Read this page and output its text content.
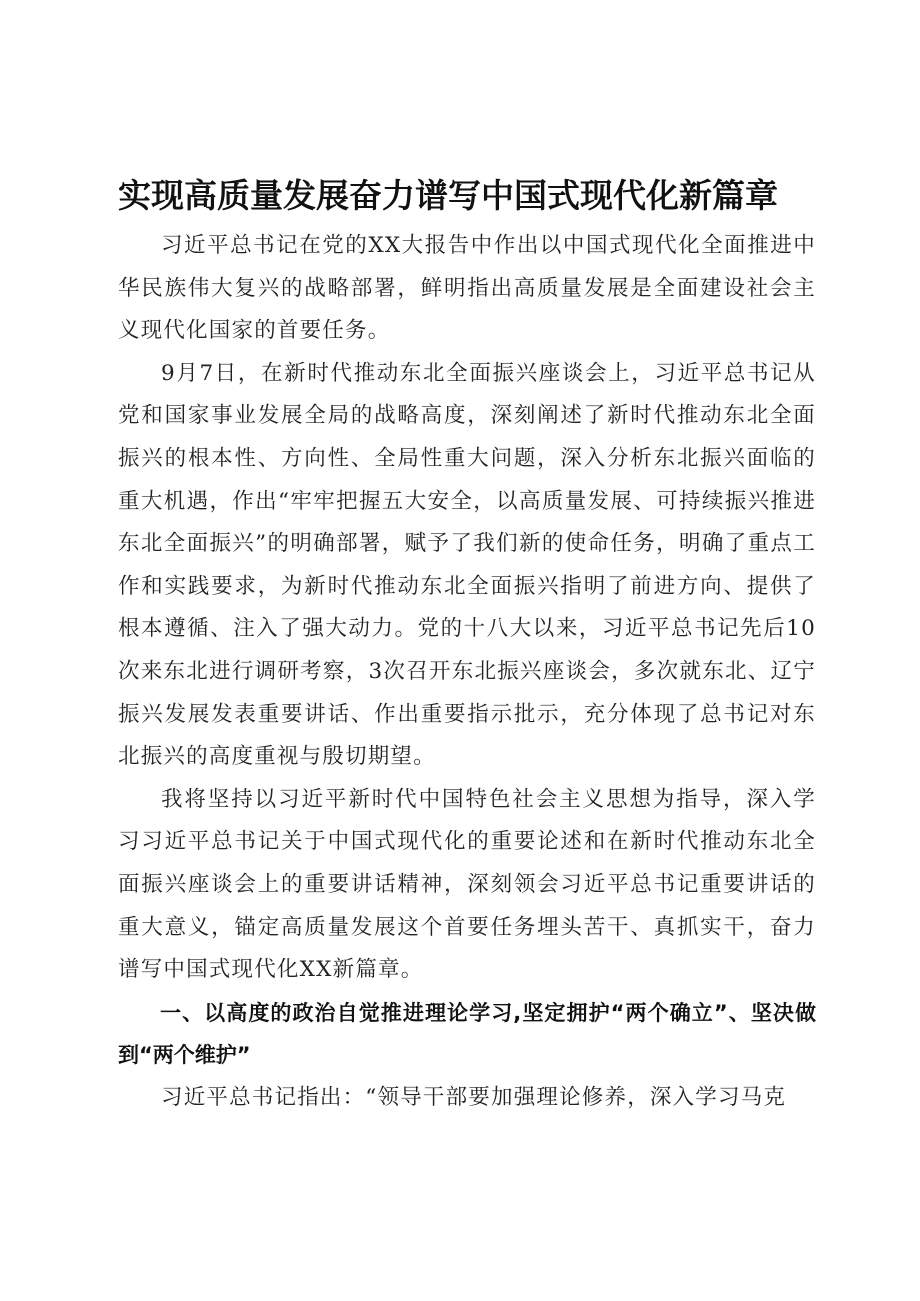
实现高质量发展奋力谱写中国式现代化新篇章

习近平总书记在党的XX大报告中作出以中国式现代化全面推进中华民族伟大复兴的战略部署，鲜明指出高质量发展是全面建设社会主义现代化国家的首要任务。

9月7日，在新时代推动东北全面振兴座谈会上，习近平总书记从党和国家事业发展全局的战略高度，深刻阐述了新时代推动东北全面振兴的根本性、方向性、全局性重大问题，深入分析东北振兴面临的重大机遇，作出“牢牢把握五大安全，以高质量发展、可持续振兴推进东北全面振兴”的明确部署，赋予了我们新的使命任务，明确了重点工作和实践要求，为新时代推动东北全面振兴指明了前进方向、提供了根本遵循、注入了强大动力。党的十八大以来，习近平总书记先后10次来东北进行调研考察，3次召开东北振兴座谈会，多次就东北、辽宁振兴发展发表重要讲话、作出重要指示批示，充分体现了总书记对东北振兴的高度重视与殷切期望。

我将坚持以习近平新时代中国特色社会主义思想为指导，深入学习习近平总书记关于中国式现代化的重要论述和在新时代推动东北全面振兴座谈会上的重要讲话精神，深刻领会习近平总书记重要讲话的重大意义，锚定高质量发展这个首要任务埋头苦干、真抓实干，奋力谱写中国式现代化XX新篇章。

一、以高度的政治自觉推进理论学习,坚定拥护“两个确立”、坚决做到“两个维护”

习近平总书记指出：“领导干部要加强理论修养，深入学习马克
